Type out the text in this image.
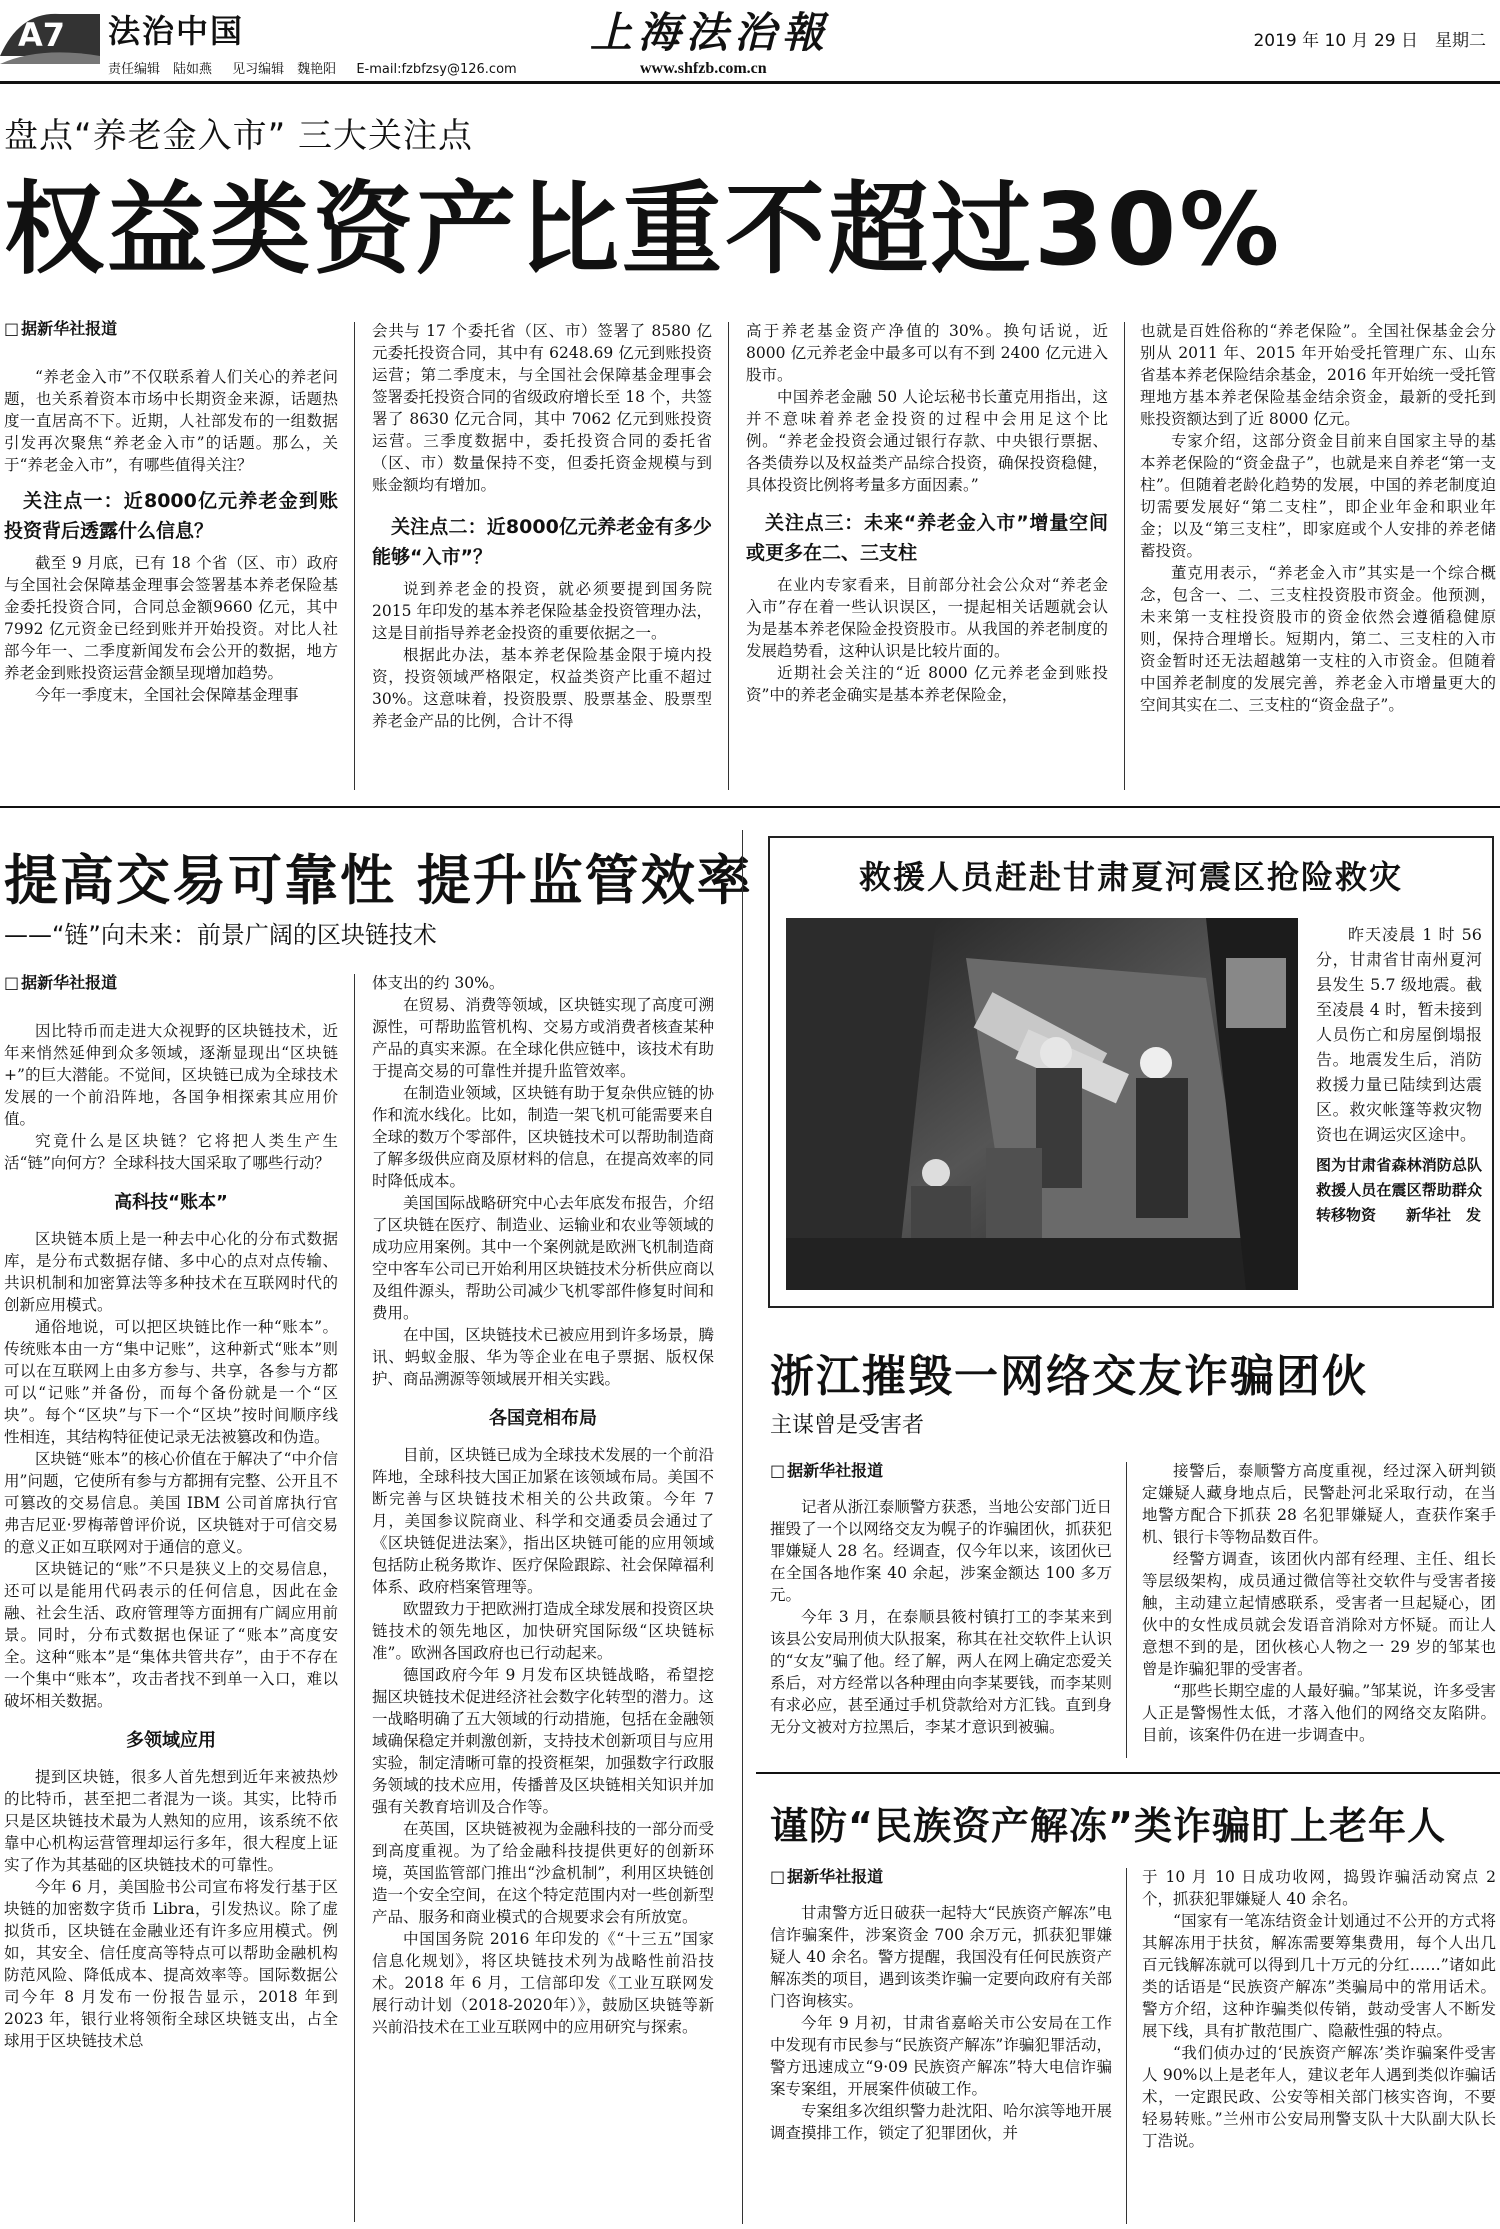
A7 法治中国
责任编辑　陆如燕 见习编辑　魏艳阳 E-mail:fzbfzsy@126.com
上海法治報
www.shfzb.com.cn
2019 年 10 月 29 日　星期二
盘点“养老金入市” 三大关注点
权益类资产比重不超过30%
□ 据新华社报道

“养老金入市”不仅联系着人们关心的养老问题，也关系着资本市场中长期资金来源，话题热度一直居高不下。近期，人社部发布的一组数据引发再次聚焦“养老金入市”的话题。那么，关于“养老金入市”，有哪些值得关注？

关注点一：近8000亿元养老金到账投资背后透露什么信息？

截至 9 月底，已有 18 个省（区、市）政府与全国社会保障基金理事会签署基本养老保险基金委托投资合同，合同总金额9660 亿元，其中 7992 亿元资金已经到账并开始投资。对比人社部今年一、二季度新闻发布会公开的数据，地方养老金到账投资运营金额呈现增加趋势。

今年一季度末，全国社会保障基金理事

会共与 17 个委托省（区、市）签署了 8580 亿元委托投资合同，其中有 6248.69 亿元到账投资运营；第二季度末，与全国社会保障基金理事会签署委托投资合同的省级政府增长至 18 个，共签署了 8630 亿元合同，其中 7062 亿元到账投资运营。三季度数据中，委托投资合同的委托省（区、市）数量保持不变，但委托资金规模与到账金额均有增加。

关注点二：近8000亿元养老金有多少能够“入市”？

说到养老金的投资，就必须要提到国务院 2015 年印发的基本养老保险基金投资管理办法，这是目前指导养老金投资的重要依据之一。

根据此办法，基本养老保险基金限于境内投资，投资领域严格限定，权益类资产比重不超过 30%。这意味着，投资股票、股票基金、股票型养老金产品的比例，合计不得

高于养老基金资产净值的 30%。换句话说，近 8000 亿元养老金中最多可以有不到 2400 亿元进入股市。

中国养老金融 50 人论坛秘书长董克用指出，这并不意味着养老金投资的过程中会用足这个比例。“养老金投资会通过银行存款、中央银行票据、各类债券以及权益类产品综合投资，确保投资稳健，具体投资比例将考量多方面因素。”

关注点三：未来“养老金入市”增量空间或更多在二、三支柱

在业内专家看来，目前部分社会公众对“养老金入市”存在着一些认识误区，一提起相关话题就会认为是基本养老保险金投资股市。从我国的养老制度的发展趋势看，这种认识是比较片面的。

近期社会关注的“近 8000 亿元养老金到账投资”中的养老金确实是基本养老保险金，

也就是百姓俗称的“养老保险”。全国社保基金会分别从 2011 年、2015 年开始受托管理广东、山东省基本养老保险结余基金，2016 年开始统一受托管理地方基本养老保险基金结余资金，最新的受托到账投资额达到了近 8000 亿元。

专家介绍，这部分资金目前来自国家主导的基本养老保险的“资金盘子”，也就是来自养老“第一支柱”。但随着老龄化趋势的发展，中国的养老制度迫切需要发展好“第二支柱”，即企业年金和职业年金；以及“第三支柱”，即家庭或个人安排的养老储蓄投资。

董克用表示，“养老金入市”其实是一个综合概念，包含一、二、三支柱投资股市资金。他预测，未来第一支柱投资股市的资金依然会遵循稳健原则，保持合理增长。短期内，第二、三支柱的入市资金暂时还无法超越第一支柱的入市资金。但随着中国养老制度的发展完善，养老金入市增量更大的空间其实在二、三支柱的“资金盘子”。

提高交易可靠性 提升监管效率
——“链”向未来：前景广阔的区块链技术
□ 据新华社报道

因比特币而走进大众视野的区块链技术，近年来悄然延伸到众多领域，逐渐显现出“区块链 +”的巨大潜能。不觉间，区块链已成为全球技术发展的一个前沿阵地，各国争相探索其应用价值。

究竟什么是区块链？它将把人类生产生活“链”向何方？全球科技大国采取了哪些行动？

高科技“账本”

区块链本质上是一种去中心化的分布式数据库，是分布式数据存储、多中心的点对点传输、共识机制和加密算法等多种技术在互联网时代的创新应用模式。

通俗地说，可以把区块链比作一种“账本”。传统账本由一方“集中记账”，这种新式“账本”则可以在互联网上由多方参与、共享，各参与方都可以“记账”并备份，而每个备份就是一个“区块”。每个“区块”与下一个“区块”按时间顺序线性相连，其结构特征使记录无法被篡改和伪造。

区块链“账本”的核心价值在于解决了“中介信用”问题，它使所有参与方都拥有完整、公开且不可篡改的交易信息。美国 IBM 公司首席执行官弗吉尼亚·罗梅蒂曾评价说，区块链对于可信交易的意义正如互联网对于通信的意义。

区块链记的“账”不只是狭义上的交易信息，还可以是能用代码表示的任何信息，因此在金融、社会生活、政府管理等方面拥有广阔应用前景。同时，分布式数据也保证了“账本”高度安全。这种“账本”是“集体共管共存”，由于不存在一个集中“账本”，攻击者找不到单一入口，难以破坏相关数据。

多领域应用

提到区块链，很多人首先想到近年来被热炒的比特币，甚至把二者混为一谈。其实，比特币只是区块链技术最为人熟知的应用，该系统不依靠中心机构运营管理却运行多年，很大程度上证实了作为其基础的区块链技术的可靠性。

今年 6 月，美国脸书公司宣布将发行基于区块链的加密数字货币 Libra，引发热议。除了虚拟货币，区块链在金融业还有许多应用模式。例如，其安全、信任度高等特点可以帮助金融机构防范风险、降低成本、提高效率等。国际数据公司今年 8 月发布一份报告显示，2018 年到 2023 年，银行业将领衔全球区块链支出，占全球用于区块链技术总

体支出的约 30%。

在贸易、消费等领域，区块链实现了高度可溯源性，可帮助监管机构、交易方或消费者核查某种产品的真实来源。在全球化供应链中，该技术有助于提高交易的可靠性并提升监管效率。

在制造业领域，区块链有助于复杂供应链的协作和流水线化。比如，制造一架飞机可能需要来自全球的数万个零部件，区块链技术可以帮助制造商了解多级供应商及原材料的信息，在提高效率的同时降低成本。

美国国际战略研究中心去年底发布报告，介绍了区块链在医疗、制造业、运输业和农业等领域的成功应用案例。其中一个案例就是欧洲飞机制造商空中客车公司已开始利用区块链技术分析供应商以及组件源头，帮助公司减少飞机零部件修复时间和费用。

在中国，区块链技术已被应用到许多场景，腾讯、蚂蚁金服、华为等企业在电子票据、版权保护、商品溯源等领域展开相关实践。

各国竞相布局

目前，区块链已成为全球技术发展的一个前沿阵地，全球科技大国正加紧在该领域布局。美国不断完善与区块链技术相关的公共政策。今年 7 月，美国参议院商业、科学和交通委员会通过了《区块链促进法案》，指出区块链可能的应用领域包括防止税务欺诈、医疗保险跟踪、社会保障福利体系、政府档案管理等。

欧盟致力于把欧洲打造成全球发展和投资区块链技术的领先地区，加快研究国际级“区块链标准”。欧洲各国政府也已行动起来。

德国政府今年 9 月发布区块链战略，希望挖掘区块链技术促进经济社会数字化转型的潜力。这一战略明确了五大领域的行动措施，包括在金融领域确保稳定并刺激创新，支持技术创新项目与应用实验，制定清晰可靠的投资框架，加强数字行政服务领域的技术应用，传播普及区块链相关知识并加强有关教育培训及合作等。

在英国，区块链被视为金融科技的一部分而受到高度重视。为了给金融科技提供更好的创新环境，英国监管部门推出“沙盒机制”，利用区块链创造一个安全空间，在这个特定范围内对一些创新型产品、服务和商业模式的合规要求会有所放宽。

中国国务院 2016 年印发的《“十三五”国家信息化规划》，将区块链技术列为战略性前沿技术。2018 年 6 月，工信部印发《工业互联网发展行动计划（2018-2020年）》，鼓励区块链等新兴前沿技术在工业互联网中的应用研究与探索。

救援人员赶赴甘肃夏河震区抢险救灾

昨天凌晨 1 时 56 分，甘肃省甘南州夏河县发生 5.7 级地震。截至凌晨 4 时，暂未接到人员伤亡和房屋倒塌报告。地震发生后，消防救援力量已陆续到达震区。救灾帐篷等救灾物资也在调运灾区途中。

图为甘肃省森林消防总队救援人员在震区帮助群众转移物资　　新华社　发
浙江摧毁一网络交友诈骗团伙
主谋曾是受害者
□ 据新华社报道

记者从浙江泰顺警方获悉，当地公安部门近日摧毁了一个以网络交友为幌子的诈骗团伙，抓获犯罪嫌疑人 28 名。经调查，仅今年以来，该团伙已在全国各地作案 40 余起，涉案金额达 100 多万元。

今年 3 月，在泰顺县筱村镇打工的李某来到该县公安局刑侦大队报案，称其在社交软件上认识的“女友”骗了他。经了解，两人在网上确定恋爱关系后，对方经常以各种理由向李某要钱，而李某则有求必应，甚至通过手机贷款给对方汇钱。直到身无分文被对方拉黑后，李某才意识到被骗。

接警后，泰顺警方高度重视，经过深入研判锁定嫌疑人藏身地点后，民警赴河北采取行动，在当地警方配合下抓获 28 名犯罪嫌疑人，查获作案手机、银行卡等物品数百件。

经警方调查，该团伙内部有经理、主任、组长等层级架构，成员通过微信等社交软件与受害者接触，主动建立起情感联系，受害者一旦起疑心，团伙中的女性成员就会发语音消除对方怀疑。而让人意想不到的是，团伙核心人物之一 29 岁的邹某也曾是诈骗犯罪的受害者。

“那些长期空虚的人最好骗。”邹某说，许多受害人正是警惕性太低，才落入他们的网络交友陷阱。目前，该案件仍在进一步调查中。

谨防“民族资产解冻”类诈骗盯上老年人
□ 据新华社报道

甘肃警方近日破获一起特大“民族资产解冻”电信诈骗案件，涉案资金 700 余万元，抓获犯罪嫌疑人 40 余名。警方提醒，我国没有任何民族资产解冻类的项目，遇到该类诈骗一定要向政府有关部门咨询核实。

今年 9 月初，甘肃省嘉峪关市公安局在工作中发现有市民参与“民族资产解冻”诈骗犯罪活动，警方迅速成立“9·09 民族资产解冻”特大电信诈骗案专案组，开展案件侦破工作。

专案组多次组织警力赴沈阳、哈尔滨等地开展调查摸排工作，锁定了犯罪团伙，并

于 10 月 10 日成功收网，捣毁诈骗活动窝点 2 个，抓获犯罪嫌疑人 40 余名。

“国家有一笔冻结资金计划通过不公开的方式将其解冻用于扶贫，解冻需要筹集费用，每个人出几百元钱解冻就可以得到几十万元的分红……”诸如此类的话语是“民族资产解冻”类骗局中的常用话术。警方介绍，这种诈骗类似传销，鼓动受害人不断发展下线，具有扩散范围广、隐蔽性强的特点。

“我们侦办过的‘民族资产解冻’类诈骗案件受害人 90%以上是老年人，建议老年人遇到类似诈骗话术，一定跟民政、公安等相关部门核实咨询，不要轻易转账。”兰州市公安局刑警支队十大队副大队长丁浩说。
